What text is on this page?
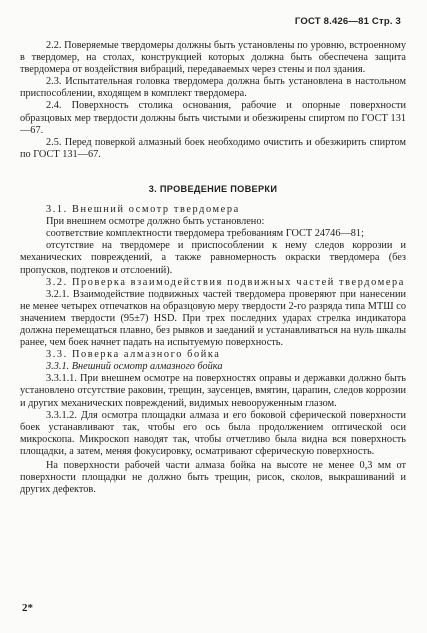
ГОСТ 8.426—81 Стр. 3

2.2. Поверяемые твердомеры должны быть установлены по уровню, встроенному в твердомер, на столах, конструкцией которых должна быть обеспечена защита твердомера от воздействия вибраций, передаваемых через стены и пол здания.

2.3. Испытательная головка твердомера должна быть установлена в настольном приспособлении, входящем в комплект твердомера.

2.4. Поверхность столика основания, рабочие и опорные поверхности образцовых мер твердости должны быть чистыми и обезжирены спиртом по ГОСТ 131—67.

2.5. Перед поверкой алмазный боек необходимо очистить и обезжирить спиртом по ГОСТ 131—67.

3. ПРОВЕДЕНИЕ ПОВЕРКИ

3.1. Внешний осмотр твердомера

При внешнем осмотре должно быть установлено:

соответствие комплектности твердомера требованиям ГОСТ 24746—81;

отсутствие на твердомере и приспособлении к нему следов коррозии и механических повреждений, а также равномерность окраски твердомера (без пропусков, подтеков и отслоений).

3.2. Проверка взаимодействия подвижных частей твердомера

3.2.1. Взаимодействие подвижных частей твердомера проверяют при нанесении не менее четырех отпечатков на образцовую меру твердости 2-го разряда типа МТШ со значением твердости (95±7) HSD. При трех последних ударах стрелка индикатора должна перемещаться плавно, без рывков и заеданий и устанавливаться на нуль шкалы ранее, чем боек начнет падать на испытуемую поверхность.

3.3. Поверка алмазного бойка

3.3.1. Внешний осмотр алмазного бойка

3.3.1.1. При внешнем осмотре на поверхностях оправы и державки должно быть установлено отсутствие раковин, трещин, заусенцев, вмятин, царапин, следов коррозии и других механических повреждений, видимых невооруженным глазом.

3.3.1.2. Для осмотра площадки алмаза и его боковой сферической поверхности боек устанавливают так, чтобы его ось была продолжением оптической оси микроскопа. Микроскоп наводят так, чтобы отчетливо была видна вся поверхность площадки, а затем, меняя фокусировку, осматривают сферическую поверхность.

На поверхности рабочей части алмаза бойка на высоте не менее 0,3 мм от поверхности площадки не должно быть трещин, рисок, сколов, выкрашиваний и других дефектов.

2*
